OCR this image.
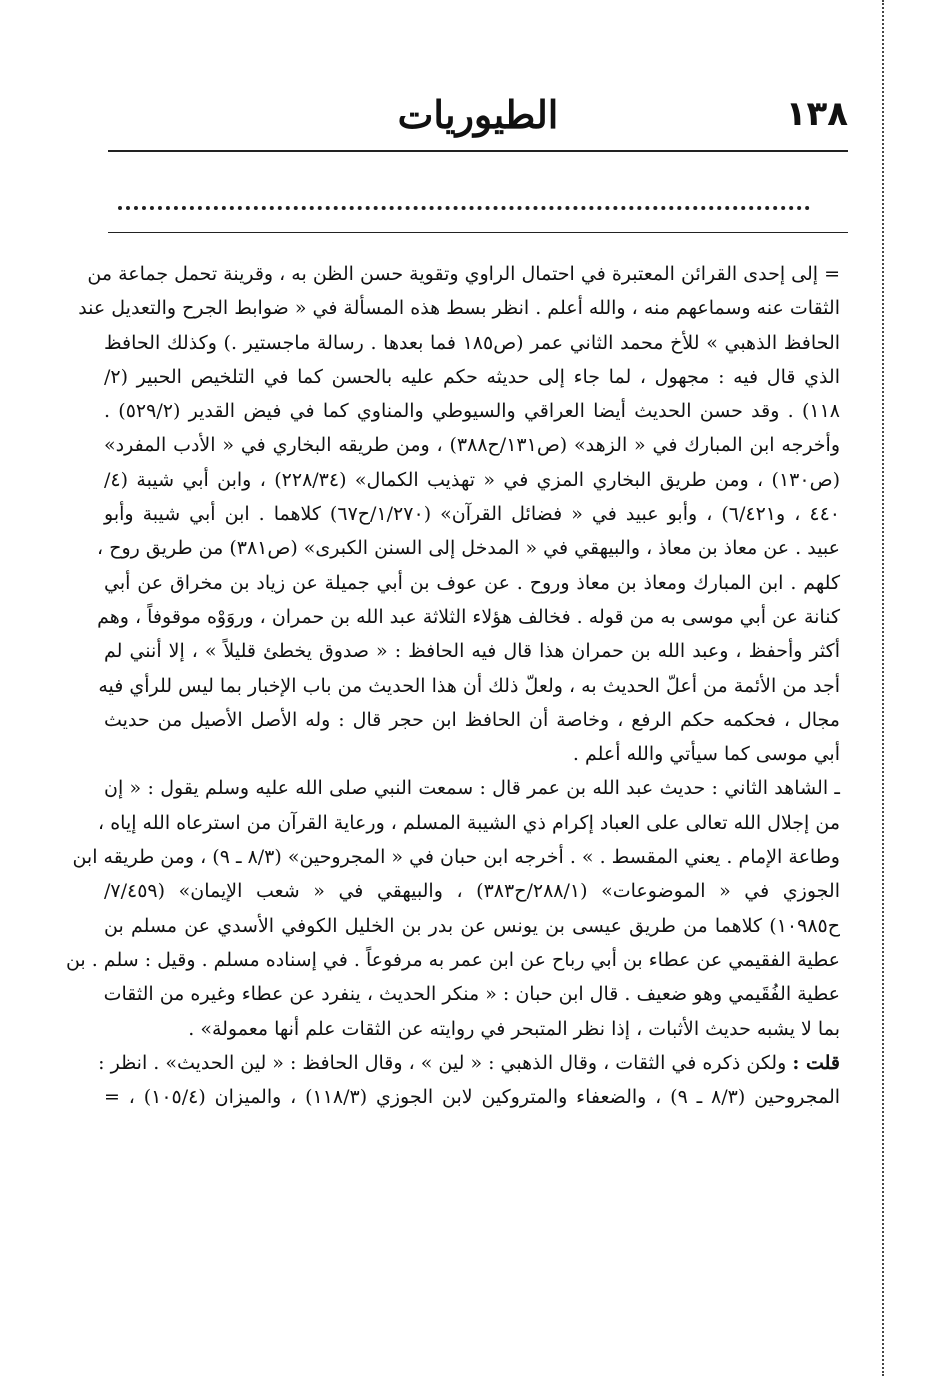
١٣٨
الطيوريات
= إلى إحدى القرائن المعتبرة في احتمال الراوي وتقوية حسن الظن به ، وقرينة تحمل جماعة من
الثقات عنه وسماعهم منه ، والله أعلم . انظر بسط هذه المسألة في « ضوابط الجرح والتعديل عند
الحافظ الذهبي » للأخ محمد الثاني عمر (ص١٨٥ فما بعدها . رسالة ماجستير .) وكذلك الحافظ
الذي قال فيه : مجهول ، لما جاء إلى حديثه حكم عليه بالحسن كما في التلخيص الحبير (٢/
١١٨) . وقد حسن الحديث أيضا العراقي والسيوطي والمناوي كما في فيض القدير (٥٢٩/٢) .
وأخرجه ابن المبارك في « الزهد» (ص١٣١/ح٣٨٨) ، ومن طريقه البخاري في « الأدب المفرد»
(ص١٣٠) ، ومن طريق البخاري المزي في « تهذيب الكمال» (٢٢٨/٣٤) ، وابن أبي شيبة (٤/
٤٤٠ ، و٦/٤٢١) ، وأبو عبيد في « فضائل القرآن» (١/٢٧٠/ح٦٧) كلاهما . ابن أبي شيبة وأبو
عبيد . عن معاذ بن معاذ ، والبيهقي في « المدخل إلى السنن الكبرى» (ص٣٨١) من طريق روح ،
كلهم . ابن المبارك ومعاذ بن معاذ وروح . عن عوف بن أبي جميلة عن زياد بن مخراق عن أبي
كنانة عن أبي موسى به من قوله . فخالف هؤلاء الثلاثة عبد الله بن حمران ، وروَوْه موقوفاً ، وهم
أكثر وأحفظ ، وعبد الله بن حمران هذا قال فيه الحافظ : « صدوق يخطئ قليلاً » ، إلا أنني لم
أجد من الأئمة من أعلّ الحديث به ، ولعلّ ذلك أن هذا الحديث من باب الإخبار بما ليس للرأي فيه
مجال ، فحكمه حكم الرفع ، وخاصة أن الحافظ ابن حجر قال : وله الأصل الأصيل من حديث
أبي موسى كما سيأتي والله أعلم .
ـ الشاهد الثاني : حديث عبد الله بن عمر قال : سمعت النبي صلى الله عليه وسلم يقول : « إن
من إجلال الله تعالى على العباد إكرام ذي الشيبة المسلم ، ورعاية القرآن من استرعاه الله إياه ،
وطاعة الإمام . يعني المقسط . » . أخرجه ابن حبان في « المجروحين» (٨/٣ ـ ٩) ، ومن طريقه ابن
الجوزي في « الموضوعات» (٢٨٨/١/ح٣٨٣) ، والبيهقي في « شعب الإيمان» (٧/٤٥٩/
ح١٠٩٨٥) كلاهما من طريق عيسى بن يونس عن بدر بن الخليل الكوفي الأسدي عن مسلم بن
عطية الفقيمي عن عطاء بن أبي رباح عن ابن عمر به مرفوعاً . في إسناده مسلم . وقيل : سلم . بن
عطية الفُقَيمي وهو ضعيف . قال ابن حبان : « منكر الحديث ، ينفرد عن عطاء وغيره من الثقات
بما لا يشبه حديث الأثبات ، إذا نظر المتبحر في روايته عن الثقات علم أنها معمولة» .
قلت : ولكن ذكره في الثقات ، وقال الذهبي : « لين » ، وقال الحافظ : « لين الحديث» . انظر :
المجروحين (٨/٣ ـ ٩) ، والضعفاء والمتروكين لابن الجوزي (١١٨/٣) ، والميزان (١٠٥/٤) ، =
